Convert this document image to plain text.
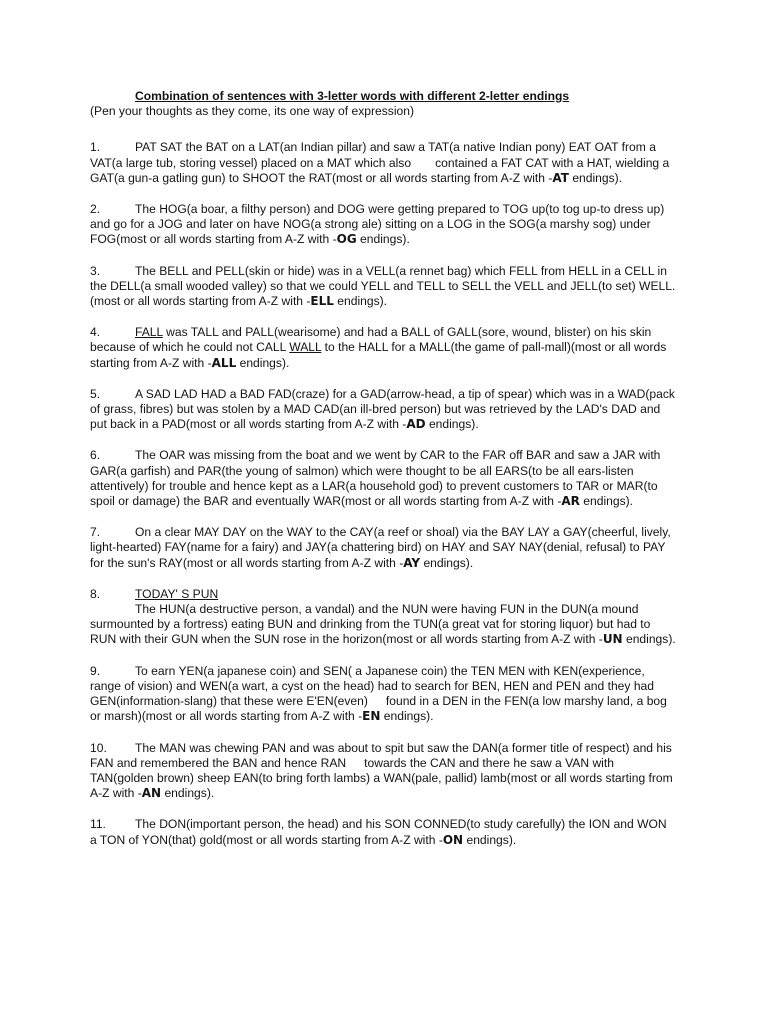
Combination of sentences with 3-letter words with different 2-letter endings
(Pen your thoughts as they come, its one way of expression)
1.	PAT SAT the BAT on a LAT(an Indian pillar) and saw a TAT(a native Indian pony) EAT OAT from a VAT(a large tub, storing vessel) placed on a MAT which also contained a FAT CAT with a HAT, wielding a GAT(a gun-a gatling gun) to SHOOT the RAT(most or all words starting from A-Z with -AT endings).
2.	The HOG(a boar, a filthy person) and DOG were getting prepared to TOG up(to tog up-to dress up) and go for a JOG and later on have NOG(a strong ale) sitting on a LOG in the SOG(a marshy sog) under FOG(most or all words starting from A-Z with -OG endings).
3.	The BELL and PELL(skin or hide) was in a VELL(a rennet bag) which FELL from HELL in a CELL in the DELL(a small wooded valley) so that we could YELL and TELL to SELL the VELL and JELL(to set) WELL.(most or all words starting from A-Z with -ELL endings).
4.	FALL was TALL and PALL(wearisome) and had a BALL of GALL(sore, wound, blister) on his skin because of which he could not CALL WALL to the HALL for a MALL(the game of pall-mall)(most or all words starting from A-Z with -ALL endings).
5.	A SAD LAD HAD a BAD FAD(craze) for a GAD(arrow-head, a tip of spear) which was in a WAD(pack of grass, fibres) but was stolen by a MAD CAD(an ill-bred person) but was retrieved by the LAD's DAD and put back in a PAD(most or all words starting from A-Z with -AD endings).
6.	The OAR was missing from the boat and we went by CAR to the FAR off BAR and saw a JAR with GAR(a garfish) and PAR(the young of salmon) which were thought to be all EARS(to be all ears-listen attentively) for trouble and hence kept as a LAR(a household god) to prevent customers to TAR or MAR(to spoil or damage) the BAR and eventually WAR(most or all words starting from A-Z with -AR endings).
7.	On a clear MAY DAY on the WAY to the CAY(a reef or shoal) via the BAY LAY a GAY(cheerful, lively, light-hearted) FAY(name for a fairy) and JAY(a chattering bird) on HAY and SAY NAY(denial, refusal) to PAY for the sun's RAY(most or all words starting from A-Z with -AY endings).
8.	TODAY' S PUN
The HUN(a destructive person, a vandal) and the NUN were having FUN in the DUN(a mound surmounted by a fortress) eating BUN and drinking from the TUN(a great vat for storing liquor) but had to RUN with their GUN when the SUN rose in the horizon(most or all words starting from A-Z with -UN endings).
9.	To earn YEN(a japanese coin) and SEN( a Japanese coin) the TEN MEN with KEN(experience, range of vision) and WEN(a wart, a cyst on the head) had to search for BEN, HEN and PEN and they had GEN(information-slang) that these were E'EN(even) found in a DEN in the FEN(a low marshy land, a bog or marsh)(most or all words starting from A-Z with -EN endings).
10. The MAN was chewing PAN and was about to spit but saw the DAN(a former title of respect) and his FAN and remembered the BAN and hence RAN towards the CAN and there he saw a VAN with TAN(golden brown) sheep EAN(to bring forth lambs) a WAN(pale, pallid) lamb(most or all words starting from A-Z with -AN endings).
11. The DON(important person, the head) and his SON CONNED(to study carefully) the ION and WON a TON of YON(that) gold(most or all words starting from A-Z with -ON endings).
